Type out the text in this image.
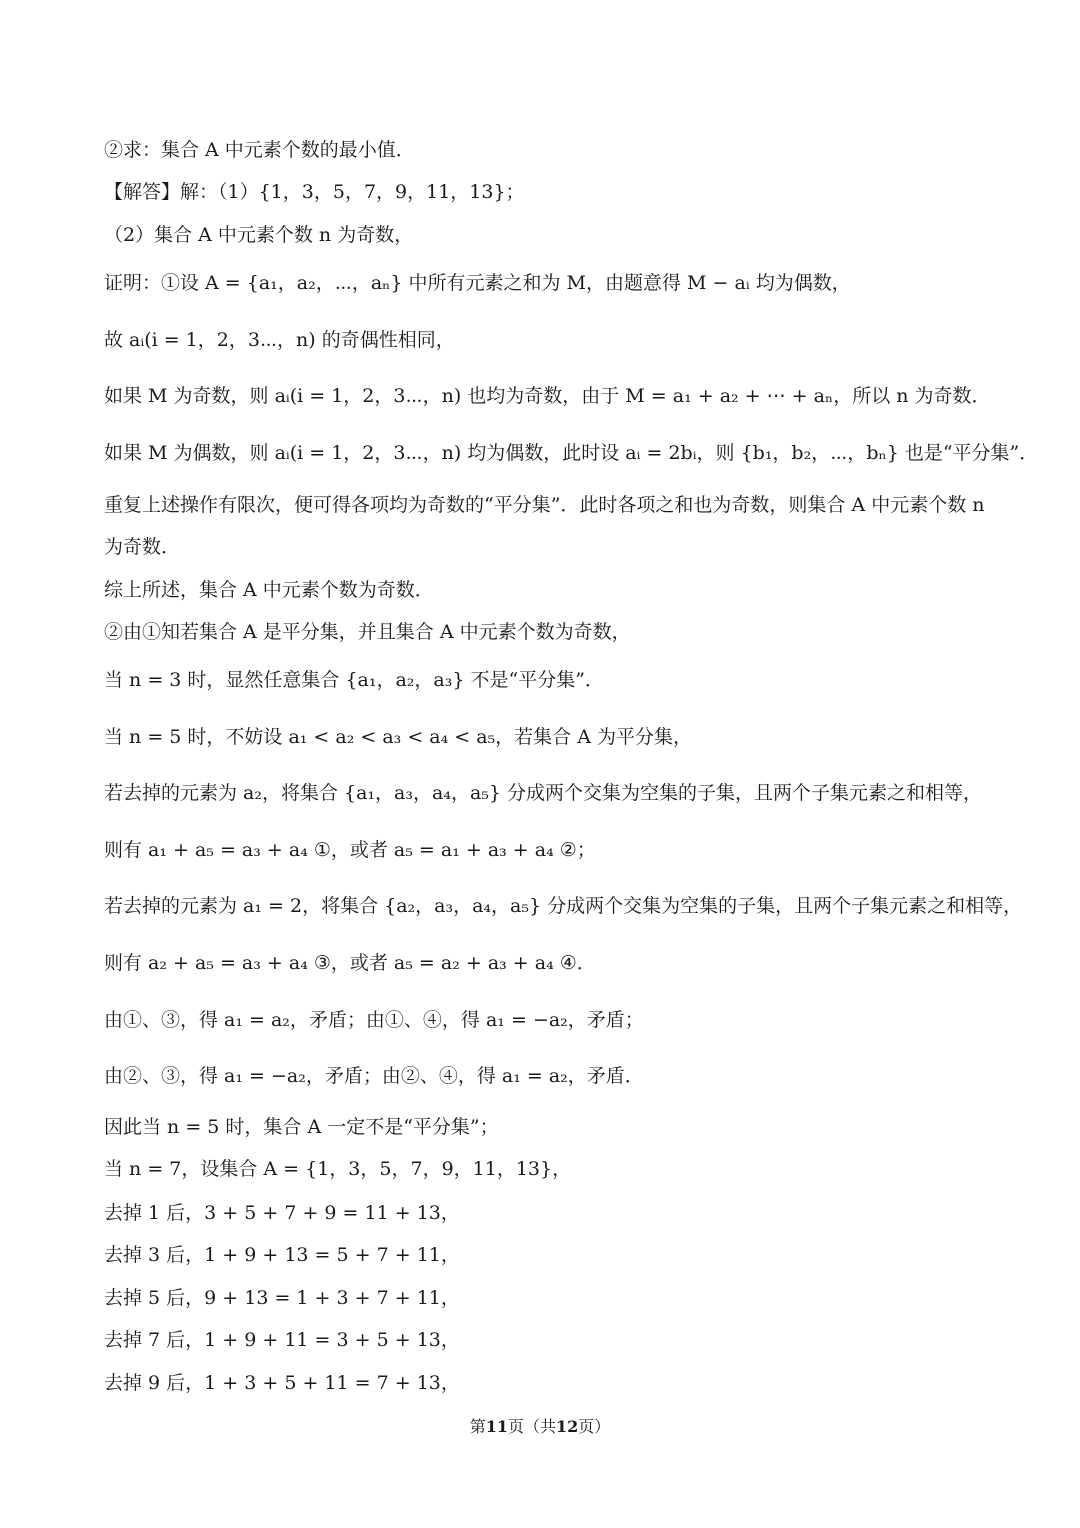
②求：集合 A 中元素个数的最小值．
【解答】解：（1）{1，3，5，7，9，11，13}；
（2）集合 A 中元素个数 n 为奇数，
证明：①设 A = {a₁，a₂，⋯，aₙ} 中所有元素之和为 M，由题意得 M − aᵢ 均为偶数，
故 aᵢ(i = 1，2，3⋯，n) 的奇偶性相同，
如果 M 为奇数，则 aᵢ(i = 1，2，3⋯，n) 也均为奇数，由于 M = a₁ + a₂ + ⋯ + aₙ，所以 n 为奇数．
如果 M 为偶数，则 aᵢ(i = 1，2，3⋯，n) 均为偶数，此时设 aᵢ = 2bᵢ，则 {b₁，b₂，⋯，bₙ} 也是“平分集”．
重复上述操作有限次，便可得各项均为奇数的“平分集”．此时各项之和也为奇数，则集合 A 中元素个数 n
为奇数．
综上所述，集合 A 中元素个数为奇数．
②由①知若集合 A 是平分集，并且集合 A 中元素个数为奇数，
当 n = 3 时，显然任意集合 {a₁，a₂，a₃} 不是“平分集”．
当 n = 5 时，不妨设 a₁ < a₂ < a₃ < a₄ < a₅，若集合 A 为平分集，
若去掉的元素为 a₂，将集合 {a₁，a₃，a₄，a₅} 分成两个交集为空集的子集，且两个子集元素之和相等，
则有 a₁ + a₅ = a₃ + a₄ ①，或者 a₅ = a₁ + a₃ + a₄ ②；
若去掉的元素为 a₁ = 2，将集合 {a₂，a₃，a₄，a₅} 分成两个交集为空集的子集，且两个子集元素之和相等，
则有 a₂ + a₅ = a₃ + a₄ ③，或者 a₅ = a₂ + a₃ + a₄ ④．
由①、③，得 a₁ = a₂，矛盾；由①、④，得 a₁ = −a₂，矛盾；
由②、③，得 a₁ = −a₂，矛盾；由②、④，得 a₁ = a₂，矛盾．
因此当 n = 5 时，集合 A 一定不是“平分集”；
当 n = 7，设集合 A = {1，3，5，7，9，11，13}，
去掉 1 后，3 + 5 + 7 + 9 = 11 + 13，
去掉 3 后，1 + 9 + 13 = 5 + 7 + 11，
去掉 5 后，9 + 13 = 1 + 3 + 7 + 11，
去掉 7 后，1 + 9 + 11 = 3 + 5 + 13，
去掉 9 后，1 + 3 + 5 + 11 = 7 + 13，
第11页（共12页）
